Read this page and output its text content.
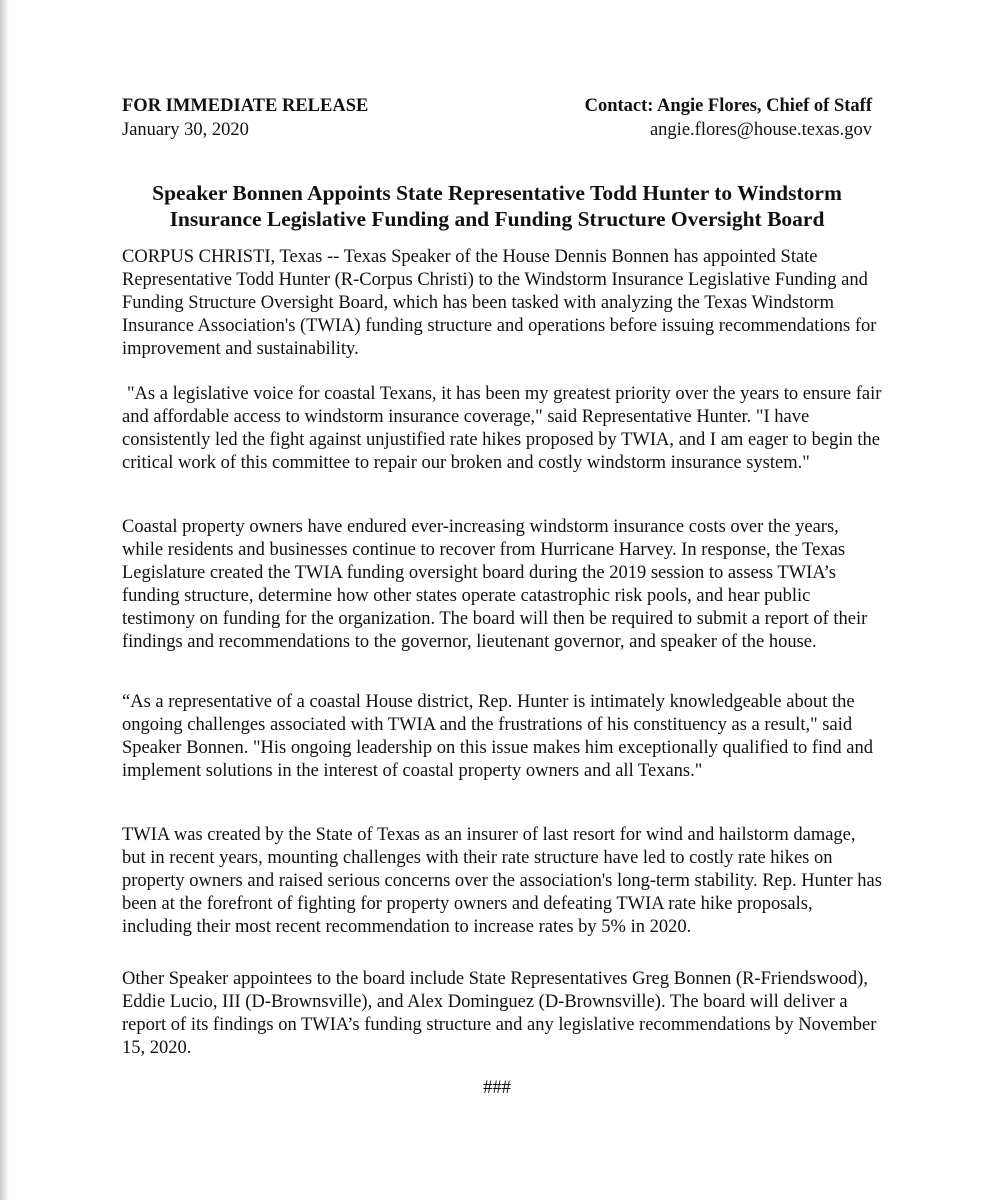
FOR IMMEDIATE RELEASE
January 30, 2020
Contact: Angie Flores, Chief of Staff
angie.flores@house.texas.gov
Speaker Bonnen Appoints State Representative Todd Hunter to Windstorm
Insurance Legislative Funding and Funding Structure Oversight Board

CORPUS CHRISTI, Texas -- Texas Speaker of the House Dennis Bonnen has appointed State Representative Todd Hunter (R-Corpus Christi) to the Windstorm Insurance Legislative Funding and Funding Structure Oversight Board, which has been tasked with analyzing the Texas Windstorm Insurance Association's (TWIA) funding structure and operations before issuing recommendations for improvement and sustainability.

"As a legislative voice for coastal Texans, it has been my greatest priority over the years to ensure fair and affordable access to windstorm insurance coverage," said Representative Hunter. "I have consistently led the fight against unjustified rate hikes proposed by TWIA, and I am eager to begin the critical work of this committee to repair our broken and costly windstorm insurance system."

Coastal property owners have endured ever-increasing windstorm insurance costs over the years, while residents and businesses continue to recover from Hurricane Harvey. In response, the Texas Legislature created the TWIA funding oversight board during the 2019 session to assess TWIA’s funding structure, determine how other states operate catastrophic risk pools, and hear public testimony on funding for the organization. The board will then be required to submit a report of their findings and recommendations to the governor, lieutenant governor, and speaker of the house.

“As a representative of a coastal House district, Rep. Hunter is intimately knowledgeable about the ongoing challenges associated with TWIA and the frustrations of his constituency as a result," said Speaker Bonnen. "His ongoing leadership on this issue makes him exceptionally qualified to find and implement solutions in the interest of coastal property owners and all Texans."

TWIA was created by the State of Texas as an insurer of last resort for wind and hailstorm damage, but in recent years, mounting challenges with their rate structure have led to costly rate hikes on property owners and raised serious concerns over the association's long-term stability. Rep. Hunter has been at the forefront of fighting for property owners and defeating TWIA rate hike proposals, including their most recent recommendation to increase rates by 5% in 2020.

Other Speaker appointees to the board include State Representatives Greg Bonnen (R-Friendswood), Eddie Lucio, III (D-Brownsville), and Alex Dominguez (D-Brownsville). The board will deliver a report of its findings on TWIA’s funding structure and any legislative recommendations by November 15, 2020.

###
